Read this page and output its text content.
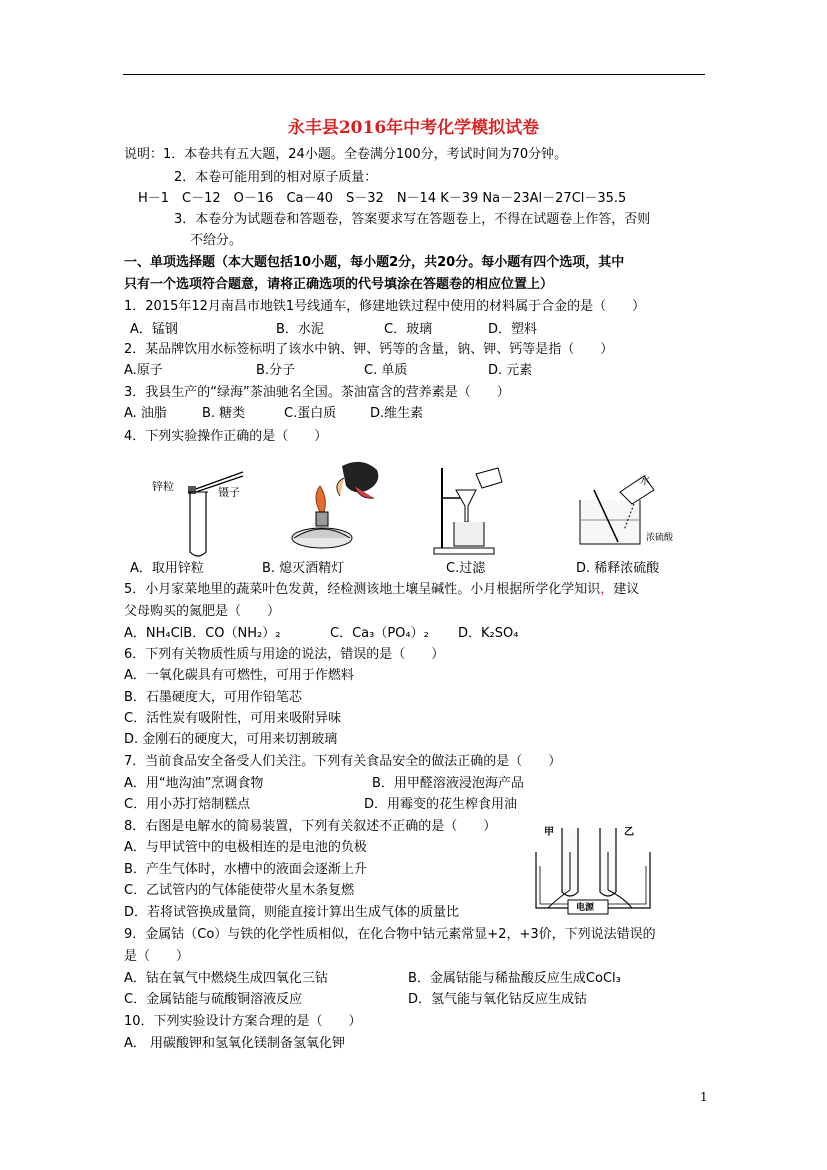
永丰县2016年中考化学模拟试卷
说明：1．本卷共有五大题，24小题。全卷满分100分，考试时间为70分钟。
2．本卷可能用到的相对原子质量：
H－1　C－12　O－16　Ca－40　S－32　N－14 K－39 Na－23Al－27Cl－35.5
3．本卷分为试题卷和答题卷，答案要求写在答题卷上，不得在试题卷上作答，否则
不给分。
一、单项选择题（本大题包括10小题，每小题2分，共20分。每小题有四个选项，其中
只有一个选项符合题意，请将正确选项的代号填涂在答题卷的相应位置上）
1．2015年12月南昌市地铁1号线通车，修建地铁过程中使用的材料属于合金的是（　　）
A．锰钢	B．水泥	C．玻璃	D．塑料
2．某品牌饮用水标签标明了该水中钠、钾、钙等的含量，钠、钾、钙等是指（　　）
A.原子	B.分子	C. 单质	D. 元素
3．我县生产的“绿海”茶油驰名全国。茶油富含的营养素是（　　）
A. 油脂	B. 糖类	C.蛋白质	D.维生素
4．下列实验操作正确的是（　　）
锌粒	镊子
水
浓硫酸
A．取用锌粒	B. 熄灭酒精灯	C.过滤	D. 稀释浓硫酸
5．小月家菜地里的蔬菜叶色发黄，经检测该地土壤呈碱性。小月根据所学化学知识，建议
父母购买的氮肥是（　　）
A．NH₄ClB．CO（NH₂）₂	C．Ca₃（PO₄）₂ D．K₂SO₄
6．下列有关物质性质与用途的说法，错误的是（　　）
A．一氧化碳具有可燃性，可用于作燃料
B．石墨硬度大，可用作铅笔芯
C．活性炭有吸附性，可用来吸附异味
D. 金刚石的硬度大，可用来切割玻璃
7．当前食品安全备受人们关注。下列有关食品安全的做法正确的是（　　）
A．用“地沟油”烹调食物	B．用甲醛溶液浸泡海产品
C．用小苏打焙制糕点	D．用霉变的花生榨食用油
8．右图是电解水的简易装置，下列有关叙述不正确的是（　　）
A．与甲试管中的电极相连的是电池的负极
B．产生气体时，水槽中的液面会逐渐上升
C．乙试管内的气体能使带火星木条复燃
D．若将试管换成量筒，则能直接计算出生成气体的质量比
甲	乙
电源
9．金属钴（Co）与铁的化学性质相似，在化合物中钴元素常显+2，+3价，下列说法错误的
是（　　）
A．钴在氧气中燃烧生成四氧化三钴	B．金属钴能与稀盐酸反应生成CoCl₃
C．金属钴能与硫酸铜溶液反应	D．氢气能与氧化钴反应生成钴
10．下列实验设计方案合理的是（　　）
A． 用碳酸钾和氢氧化镁制备氢氧化钾
1
